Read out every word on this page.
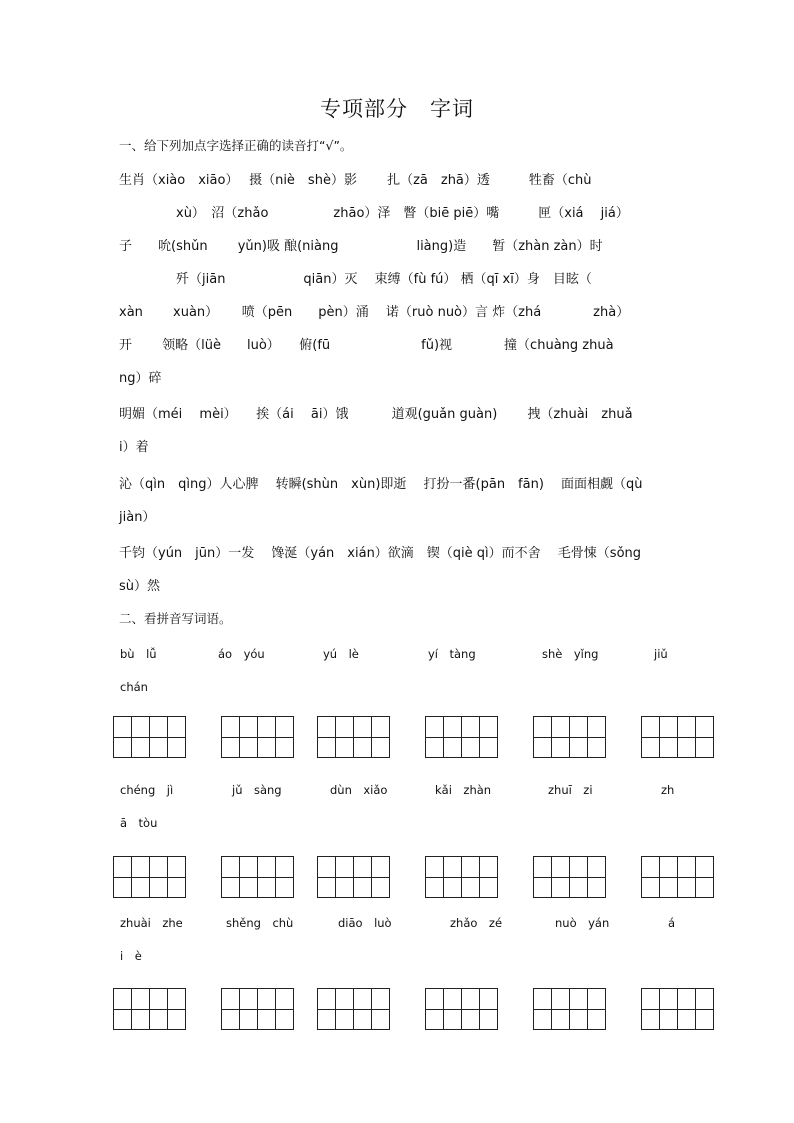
专项部分　字词
一、给下列加点字选择正确的读音打“√”。
生肖（xiào　xiāo）　 摄（niè　shè）影　 　扎（zā　zhā）透　　　牲畜（chù
xù）　沼（zhǎo　　　　　zhāo）泽　瞥（biē piē）嘴　　　匣（xiá　 jiá）
子　　吮(shǔn　　 yǔn)吸 酿(niàng　　　　　　liàng)造　　暂（zhàn zàn）时
歼（jiān　　　　　　qiān）灭　 束缚（fù fú） 栖（qī xī）身　目眩（
xàn　　 xuàn）　　 喷（pēn　　pèn）涌　 诺（ruò nuò）言 炸（zhá　　　　zhà）
开　　 领略（lüè　　luò）　　俯(fū　　　　　　　fǔ)视　　　　撞（chuàng zhuà
ng）碎
明媚（méi　 mèi）　　挨（ái　 āi）饿　　　 道观(guǎn guàn)　　 拽（zhuài　zhuǎ
i）着
沁（qìn　qìng）人心脾　 转瞬(shùn　xùn)即逝　 打扮一番(pān　fān)　 面面相觑（qù
jiàn）
千钧（yún　jūn）一发　 馋涎（yán　xián）欲滴　锲（qiè qì）而不舍　 毛骨悚（sǒng
sù）然
二、看拼音写词语。
bù　lǚ	áo　yóu	yú　lè	yí　tàng	shè　yǐng	jiǔ
chán
chéng　jì	jǔ　sàng	dùn　xiǎo	kǎi　zhàn	zhuī　zi	zh
ā　tòu
zhuài　zhe	shěng　chù	diāo　luò	zhǎo　zé	nuò　yán	á
i　è
